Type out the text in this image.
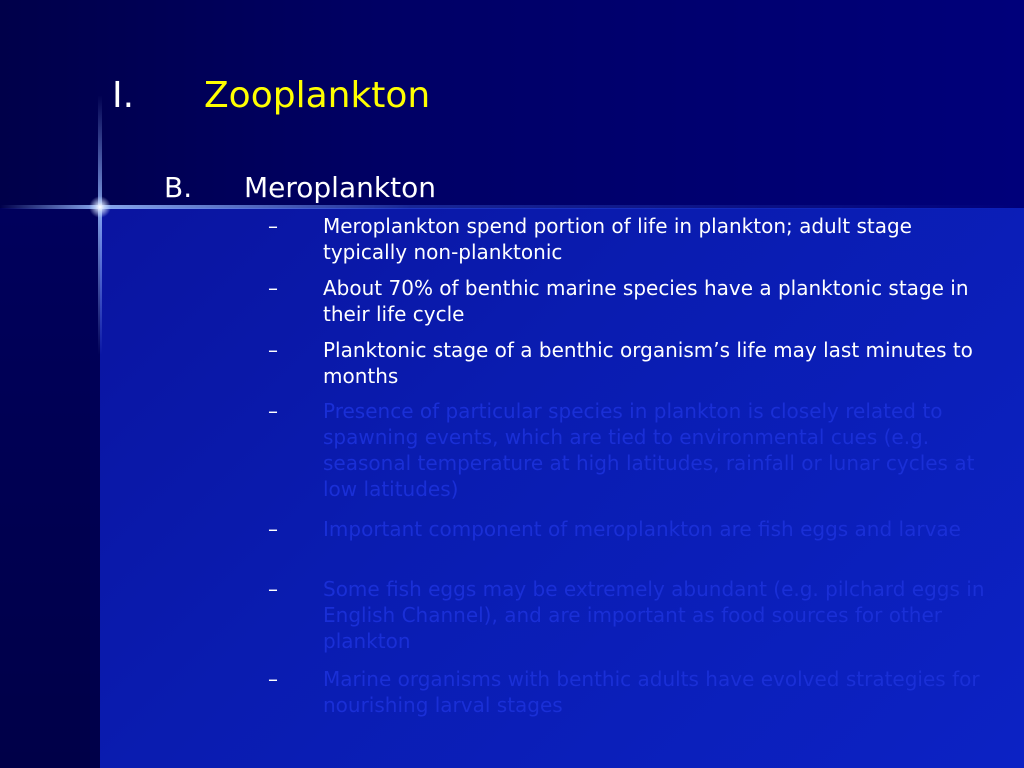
I. Zooplankton
B. Meroplankton
– Meroplankton spend portion of life in plankton; adult stage typically non-planktonic
– About 70% of benthic marine species have a planktonic stage in their life cycle
– Planktonic stage of a benthic organism’s life may last minutes to months
– Presence of particular species in plankton is closely related to spawning events, which are tied to environmental cues (e.g. seasonal temperature at high latitudes, rainfall or lunar cycles at low latitudes)
– Important component of meroplankton are fish eggs and larvae
– Some fish eggs may be extremely abundant (e.g. pilchard eggs in English Channel), and are important as food sources for other plankton
– Marine organisms with benthic adults have evolved strategies for nourishing larval stages
